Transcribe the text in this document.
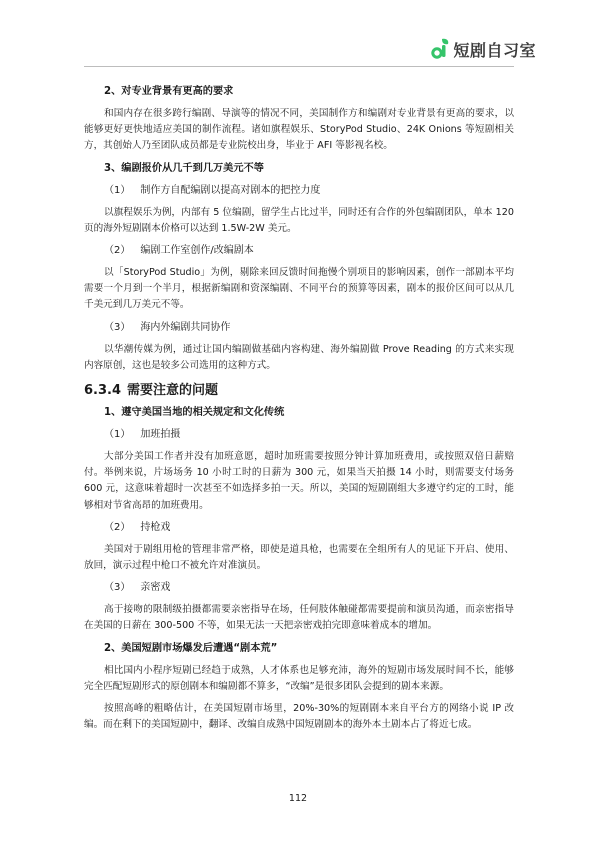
短剧自习室
2、对专业背景有更高的要求
和国内存在很多跨行编剧、导演等的情况不同，美国制作方和编剧对专业背景有更高的要求，以能够更好更快地适应美国的制作流程。诸如旗程娱乐、StoryPod Studio、24K Onions 等短剧相关方，其创始人乃至团队成员都是专业院校出身，毕业于 AFI 等影视名校。
3、编剧报价从几千到几万美元不等
（1） 制作方自配编剧以提高对剧本的把控力度
以旗程娱乐为例，内部有 5 位编剧，留学生占比过半，同时还有合作的外包编剧团队，单本 120 页的海外短剧剧本价格可以达到 1.5W-2W 美元。
（2） 编剧工作室创作/改编剧本
以「StoryPod Studio」为例，剔除来回反馈时间拖慢个别项目的影响因素，创作一部剧本平均需要一个月到一个半月，根据新编剧和资深编剧、不同平台的预算等因素，剧本的报价区间可以从几千美元到几万美元不等。
（3） 海内外编剧共同协作
以华潮传媒为例，通过让国内编剧做基础内容构建、海外编剧做 Prove Reading 的方式来实现内容原创，这也是较多公司选用的这种方式。
6.3.4 需要注意的问题
1、遵守美国当地的相关规定和文化传统
（1） 加班拍摄
大部分美国工作者并没有加班意愿，超时加班需要按照分钟计算加班费用，或按照双倍日薪赔付。举例来说，片场场务 10 小时工时的日薪为 300 元，如果当天拍摄 14 小时，则需要支付场务 600 元，这意味着超时一次甚至不如选择多拍一天。所以，美国的短剧剧组大多遵守约定的工时，能够相对节省高昂的加班费用。
（2） 持枪戏
美国对于剧组用枪的管理非常严格，即使是道具枪，也需要在全组所有人的见证下开启、使用、放回，演示过程中枪口不被允许对准演员。
（3） 亲密戏
高于接吻的限制级拍摄都需要亲密指导在场，任何肢体触碰都需要提前和演员沟通，而亲密指导在美国的日薪在 300-500 不等，如果无法一天把亲密戏拍完即意味着成本的增加。
2、美国短剧市场爆发后遭遇“剧本荒”
相比国内小程序短剧已经趋于成熟，人才体系也足够充沛，海外的短剧市场发展时间不长，能够完全匹配短剧形式的原创剧本和编剧都不算多，“改编”是很多团队会提到的剧本来源。
按照高峰的粗略估计，在美国短剧市场里，20%-30%的短剧剧本来自平台方的网络小说 IP 改编。而在剩下的美国短剧中，翻译、改编自成熟中国短剧剧本的海外本土剧本占了将近七成。
112
